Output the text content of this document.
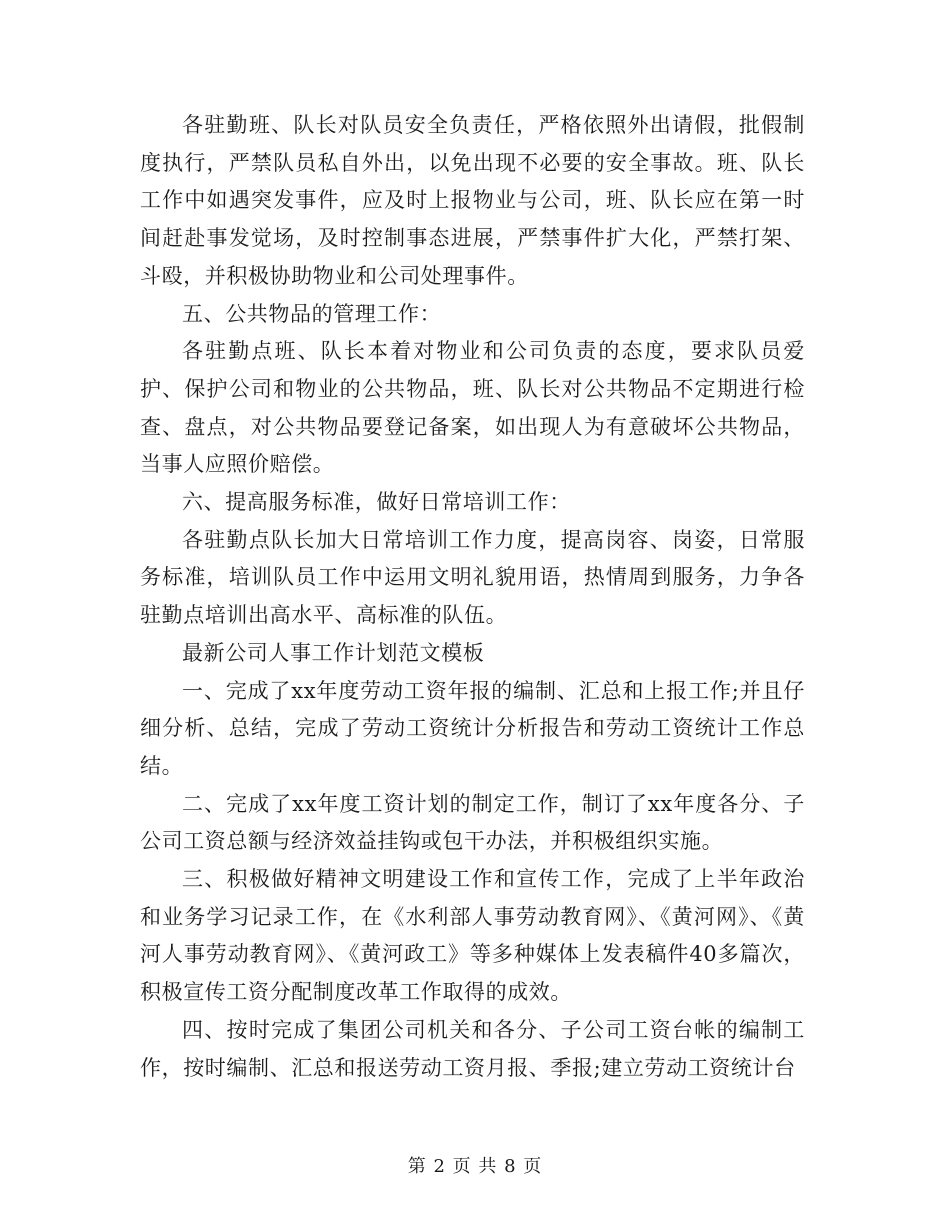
各驻勤班、队长对队员安全负责任，严格依照外出请假，批假制度执行，严禁队员私自外出，以免出现不必要的安全事故。班、队长工作中如遇突发事件，应及时上报物业与公司，班、队长应在第一时间赶赴事发觉场，及时控制事态进展，严禁事件扩大化，严禁打架、斗殴，并积极协助物业和公司处理事件。

五、公共物品的管理工作：

各驻勤点班、队长本着对物业和公司负责的态度，要求队员爱护、保护公司和物业的公共物品，班、队长对公共物品不定期进行检查、盘点，对公共物品要登记备案，如出现人为有意破坏公共物品，当事人应照价赔偿。

六、提高服务标准，做好日常培训工作：

各驻勤点队长加大日常培训工作力度，提高岗容、岗姿，日常服务标准，培训队员工作中运用文明礼貌用语，热情周到服务，力争各驻勤点培训出高水平、高标准的队伍。

最新公司人事工作计划范文模板

一、完成了xx年度劳动工资年报的编制、汇总和上报工作;并且仔细分析、总结，完成了劳动工资统计分析报告和劳动工资统计工作总结。

二、完成了xx年度工资计划的制定工作，制订了xx年度各分、子公司工资总额与经济效益挂钩或包干办法，并积极组织实施。

三、积极做好精神文明建设工作和宣传工作，完成了上半年政治和业务学习记录工作，在《水利部人事劳动教育网》、《黄河网》、《黄河人事劳动教育网》、《黄河政工》等多种媒体上发表稿件40多篇次，积极宣传工资分配制度改革工作取得的成效。

四、按时完成了集团公司机关和各分、子公司工资台帐的编制工作，按时编制、汇总和报送劳动工资月报、季报;建立劳动工资统计台

第 2 页 共 8 页
